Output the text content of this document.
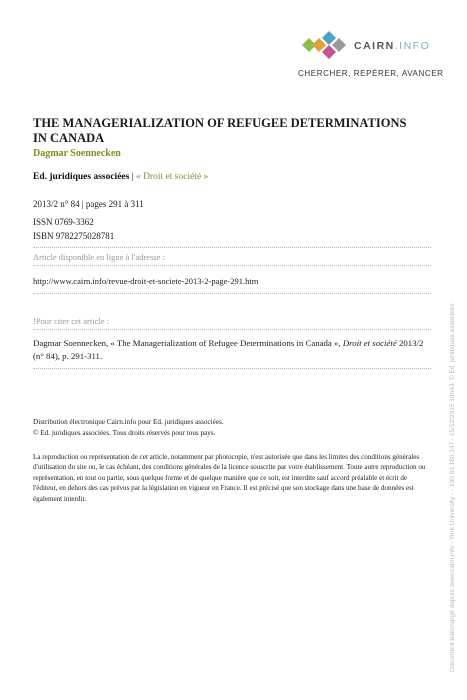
CAIRN.INFO
CHERCHER, REPÉRER, AVANCER
THE MANAGERIALIZATION OF REFUGEE DETERMINATIONS IN CANADA
Dagmar Soennecken
Ed. juridiques associées | « Droit et société »
2013/2 n° 84 | pages 291 à 311
ISSN 0769-3362
ISBN 9782275028781
Article disponible en ligne à l'adresse :
http://www.cairn.info/revue-droit-et-societe-2013-2-page-291.htm
!Pour citer cet article :
Dagmar Soennecken, « The Managerialization of Refugee Determinations in Canada », Droit et société 2013/2 (n° 84), p. 291-311.
Distribution électronique Cairn.info pour Ed. juridiques associées.
© Ed. juridiques associées. Tous droits réservés pour tous pays.
La reproduction ou représentation de cet article, notamment par photocopie, n'est autorisée que dans les limites des conditions générales d'utilisation du site ou, le cas échéant, des conditions générales de la licence souscrite par votre établissement. Toute autre reproduction ou représentation, en tout ou partie, sous quelque forme et de quelque manière que ce soit, est interdite sauf accord préalable et écrit de l'éditeur, en dehors des cas prévus par la législation en vigueur en France. Il est précisé que son stockage dans une base de données est également interdit.	Document téléchargé depuis www.cairn.info - York University - - 130.63.180.147 - 15/12/2015 19h43. © Ed. juridiques associées
